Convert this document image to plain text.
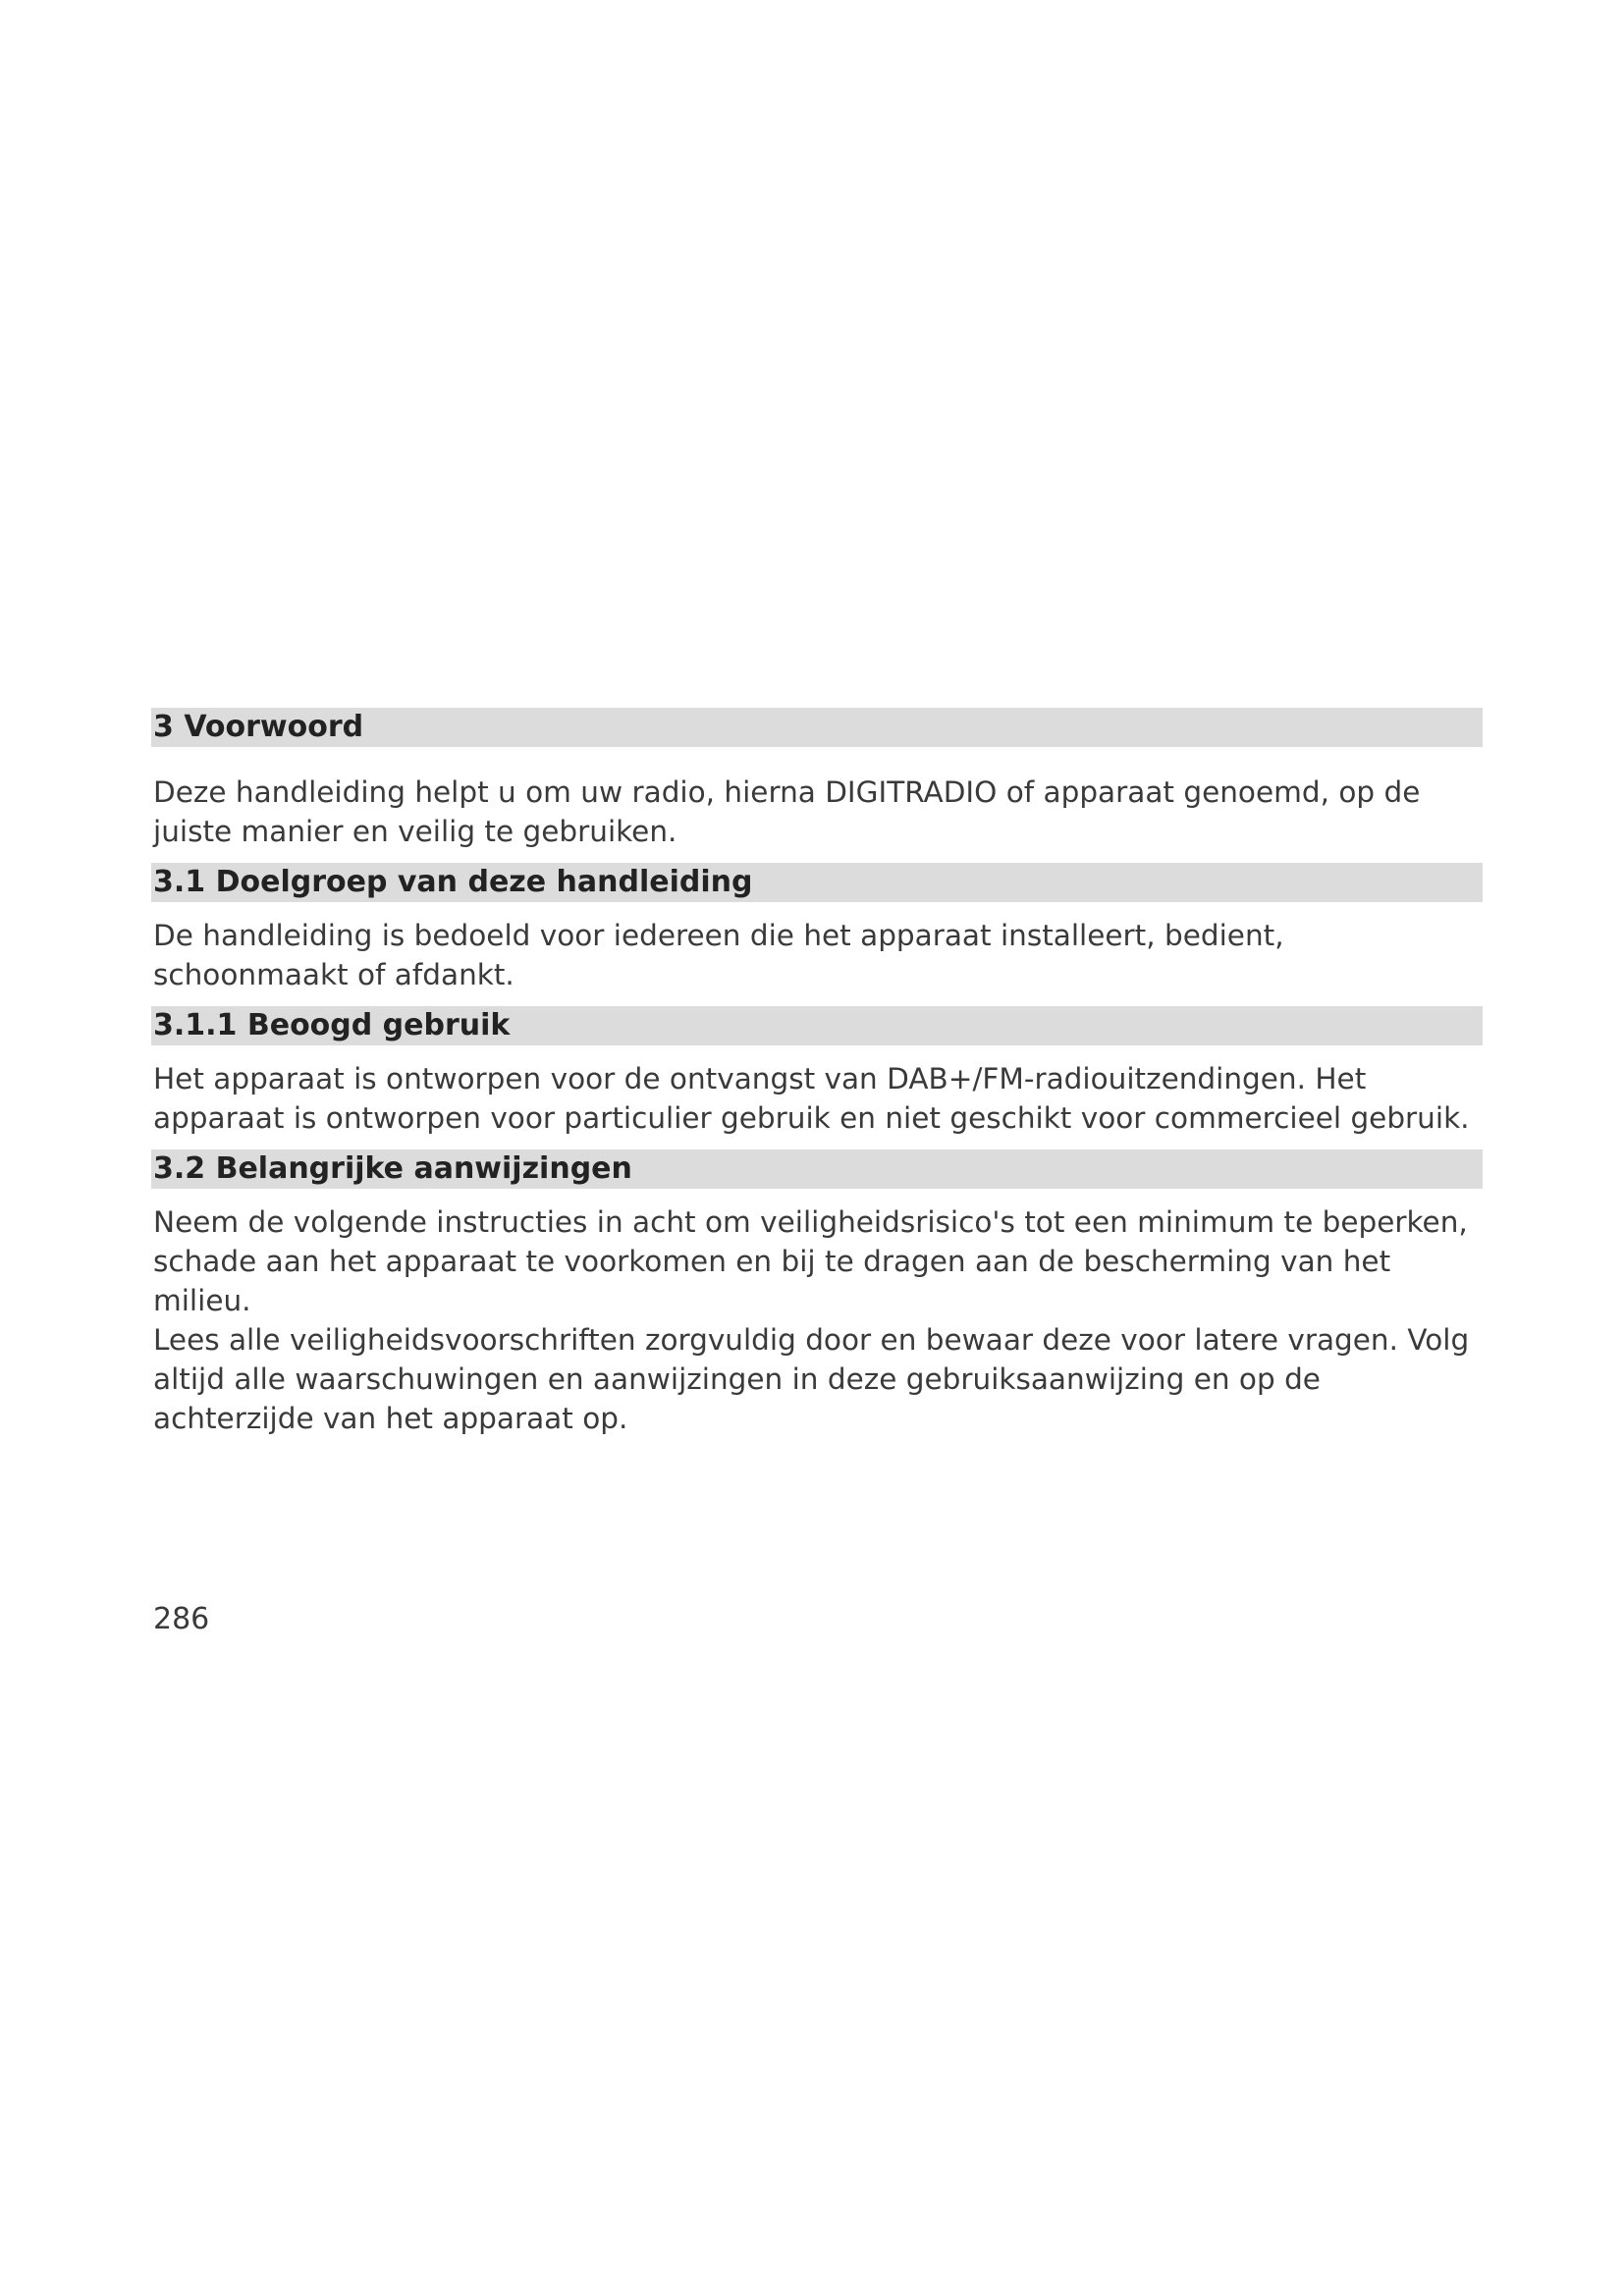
3 Voorwoord

Deze handleiding helpt u om uw radio, hierna DIGITRADIO of apparaat genoemd, op de juiste manier en veilig te gebruiken.

3.1 Doelgroep van deze handleiding

De handleiding is bedoeld voor iedereen die het apparaat installeert, bedient, schoonmaakt of afdankt.

3.1.1 Beoogd gebruik

Het apparaat is ontworpen voor de ontvangst van DAB+/FM-radiouitzendingen. Het apparaat is ontworpen voor particulier gebruik en niet geschikt voor commercieel gebruik.

3.2 Belangrijke aanwijzingen

Neem de volgende instructies in acht om veiligheidsrisico's tot een minimum te beperken, schade aan het apparaat te voorkomen en bij te dragen aan de bescherming van het milieu.

Lees alle veiligheidsvoorschriften zorgvuldig door en bewaar deze voor latere vragen. Volg altijd alle waarschuwingen en aanwijzingen in deze gebruiksaanwijzing en op de achterzijde van het apparaat op.

286
